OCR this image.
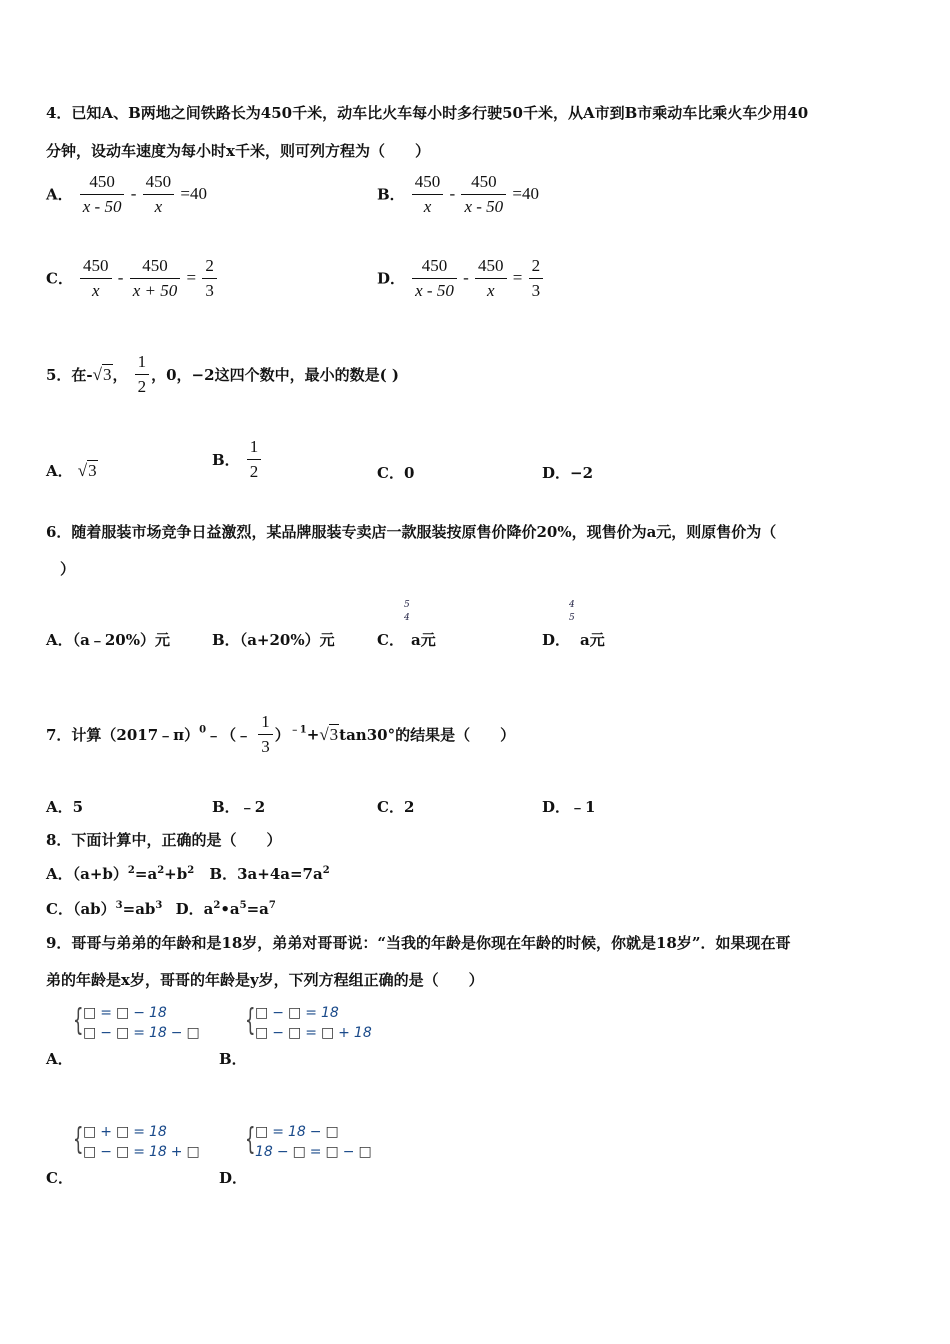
4．已知A、B两地之间铁路长为450千米，动车比火车每小时多行驶50千米，从A市到B市乘动车比乘火车少用40
分钟，设动车速度为每小时x千米，则可列方程为（　　）
A． $\frac{450}{x - 50} - \frac{450}{x} =40$	B． $\frac{450}{x} - \frac{450}{x - 50} =40$
C． $\frac{450}{x} - \frac{450}{x + 50} = \frac{2}{3}$	D． $\frac{450}{x - 50} - \frac{450}{x} = \frac{2}{3}$
5．在-√3， $\frac{1}{2}$ ，0，−2这四个数中，最小的数是( )
A． √3
B． $\frac{1}{2}$	C．0	D．−2
6．随着服装市场竞争日益激烈，某品牌服装专卖店一款服装按原售价降价20%，现售价为a元，则原售价为（
）
A．（a﹣20%）元	B．（a+20%）元	C．
5
4
a元	D．
4
5
a元
7．计算（2017﹣π）$^0$﹣（﹣ $\frac{1}{3} )^{﹣1}+√3\tan 30^\circ$的结果是（　　）
A．5	B．﹣2	C．2	D．﹣1
8．下面计算中，正确的是（　　）
A．$(a+b)^2=a^2+b^2$ B．$3a+4a=7a^2$
C．$(ab)^3=ab^3$ D．$a^2•a^5=a^7$
9．哥哥与弟弟的年龄和是18岁，弟弟对哥哥说：“当我的年龄是你现在年龄的时候，你就是18岁”．如果现在哥
弟的年龄是x岁，哥哥的年龄是y岁，下列方程组正确的是（　　）
{ □ = □ − 18
□ − □ = 18 − □
A．
{ □ − □ = 18
□ − □ = □ + 18
B．
{ □ + □ = 18
□ − □ = 18 + □
C．
{ □ = 18 − □
18 − □ = □ − □
D．
